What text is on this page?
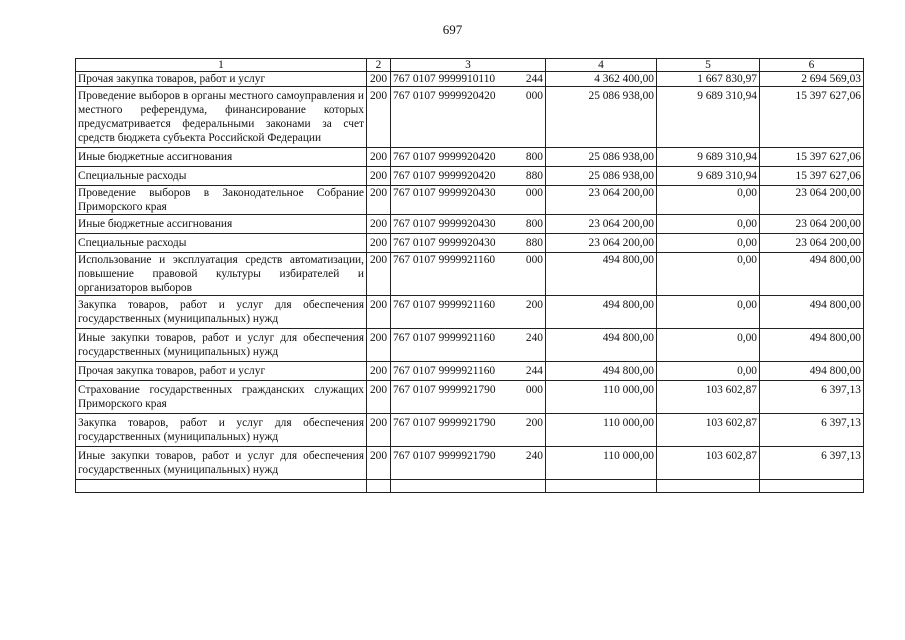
697
1	2	3	4	5	6
Прочая закупка товаров, работ и услуг	200	767 0107 9999910110 244	4 362 400,00	1 667 830,97	2 694 569,03
Проведение выборов в органы местного самоуправления и местного референдума, финансирование которых предусматривается федеральными законами за счет средств бюджета субъекта Российской Федерации	200	767 0107 9999920420 000	25 086 938,00	9 689 310,94	15 397 627,06
Иные бюджетные ассигнования	200	767 0107 9999920420 800	25 086 938,00	9 689 310,94	15 397 627,06
Специальные расходы	200	767 0107 9999920420 880	25 086 938,00	9 689 310,94	15 397 627,06
Проведение выборов в Законодательное Собрание Приморского края	200	767 0107 9999920430 000	23 064 200,00	0,00	23 064 200,00
Иные бюджетные ассигнования	200	767 0107 9999920430 800	23 064 200,00	0,00	23 064 200,00
Специальные расходы	200	767 0107 9999920430 880	23 064 200,00	0,00	23 064 200,00
Использование и эксплуатация средств автоматизации, повышение правовой культуры избирателей и организаторов выборов	200	767 0107 9999921160 000	494 800,00	0,00	494 800,00
Закупка товаров, работ и услуг для обеспечения государственных (муниципальных) нужд	200	767 0107 9999921160 200	494 800,00	0,00	494 800,00
Иные закупки товаров, работ и услуг для обеспечения государственных (муниципальных) нужд	200	767 0107 9999921160 240	494 800,00	0,00	494 800,00
Прочая закупка товаров, работ и услуг	200	767 0107 9999921160 244	494 800,00	0,00	494 800,00
Страхование государственных гражданских служащих Приморского края	200	767 0107 9999921790 000	110 000,00	103 602,87	6 397,13
Закупка товаров, работ и услуг для обеспечения государственных (муниципальных) нужд	200	767 0107 9999921790 200	110 000,00	103 602,87	6 397,13
Иные закупки товаров, работ и услуг для обеспечения государственных (муниципальных) нужд	200	767 0107 9999921790 240	110 000,00	103 602,87	6 397,13
